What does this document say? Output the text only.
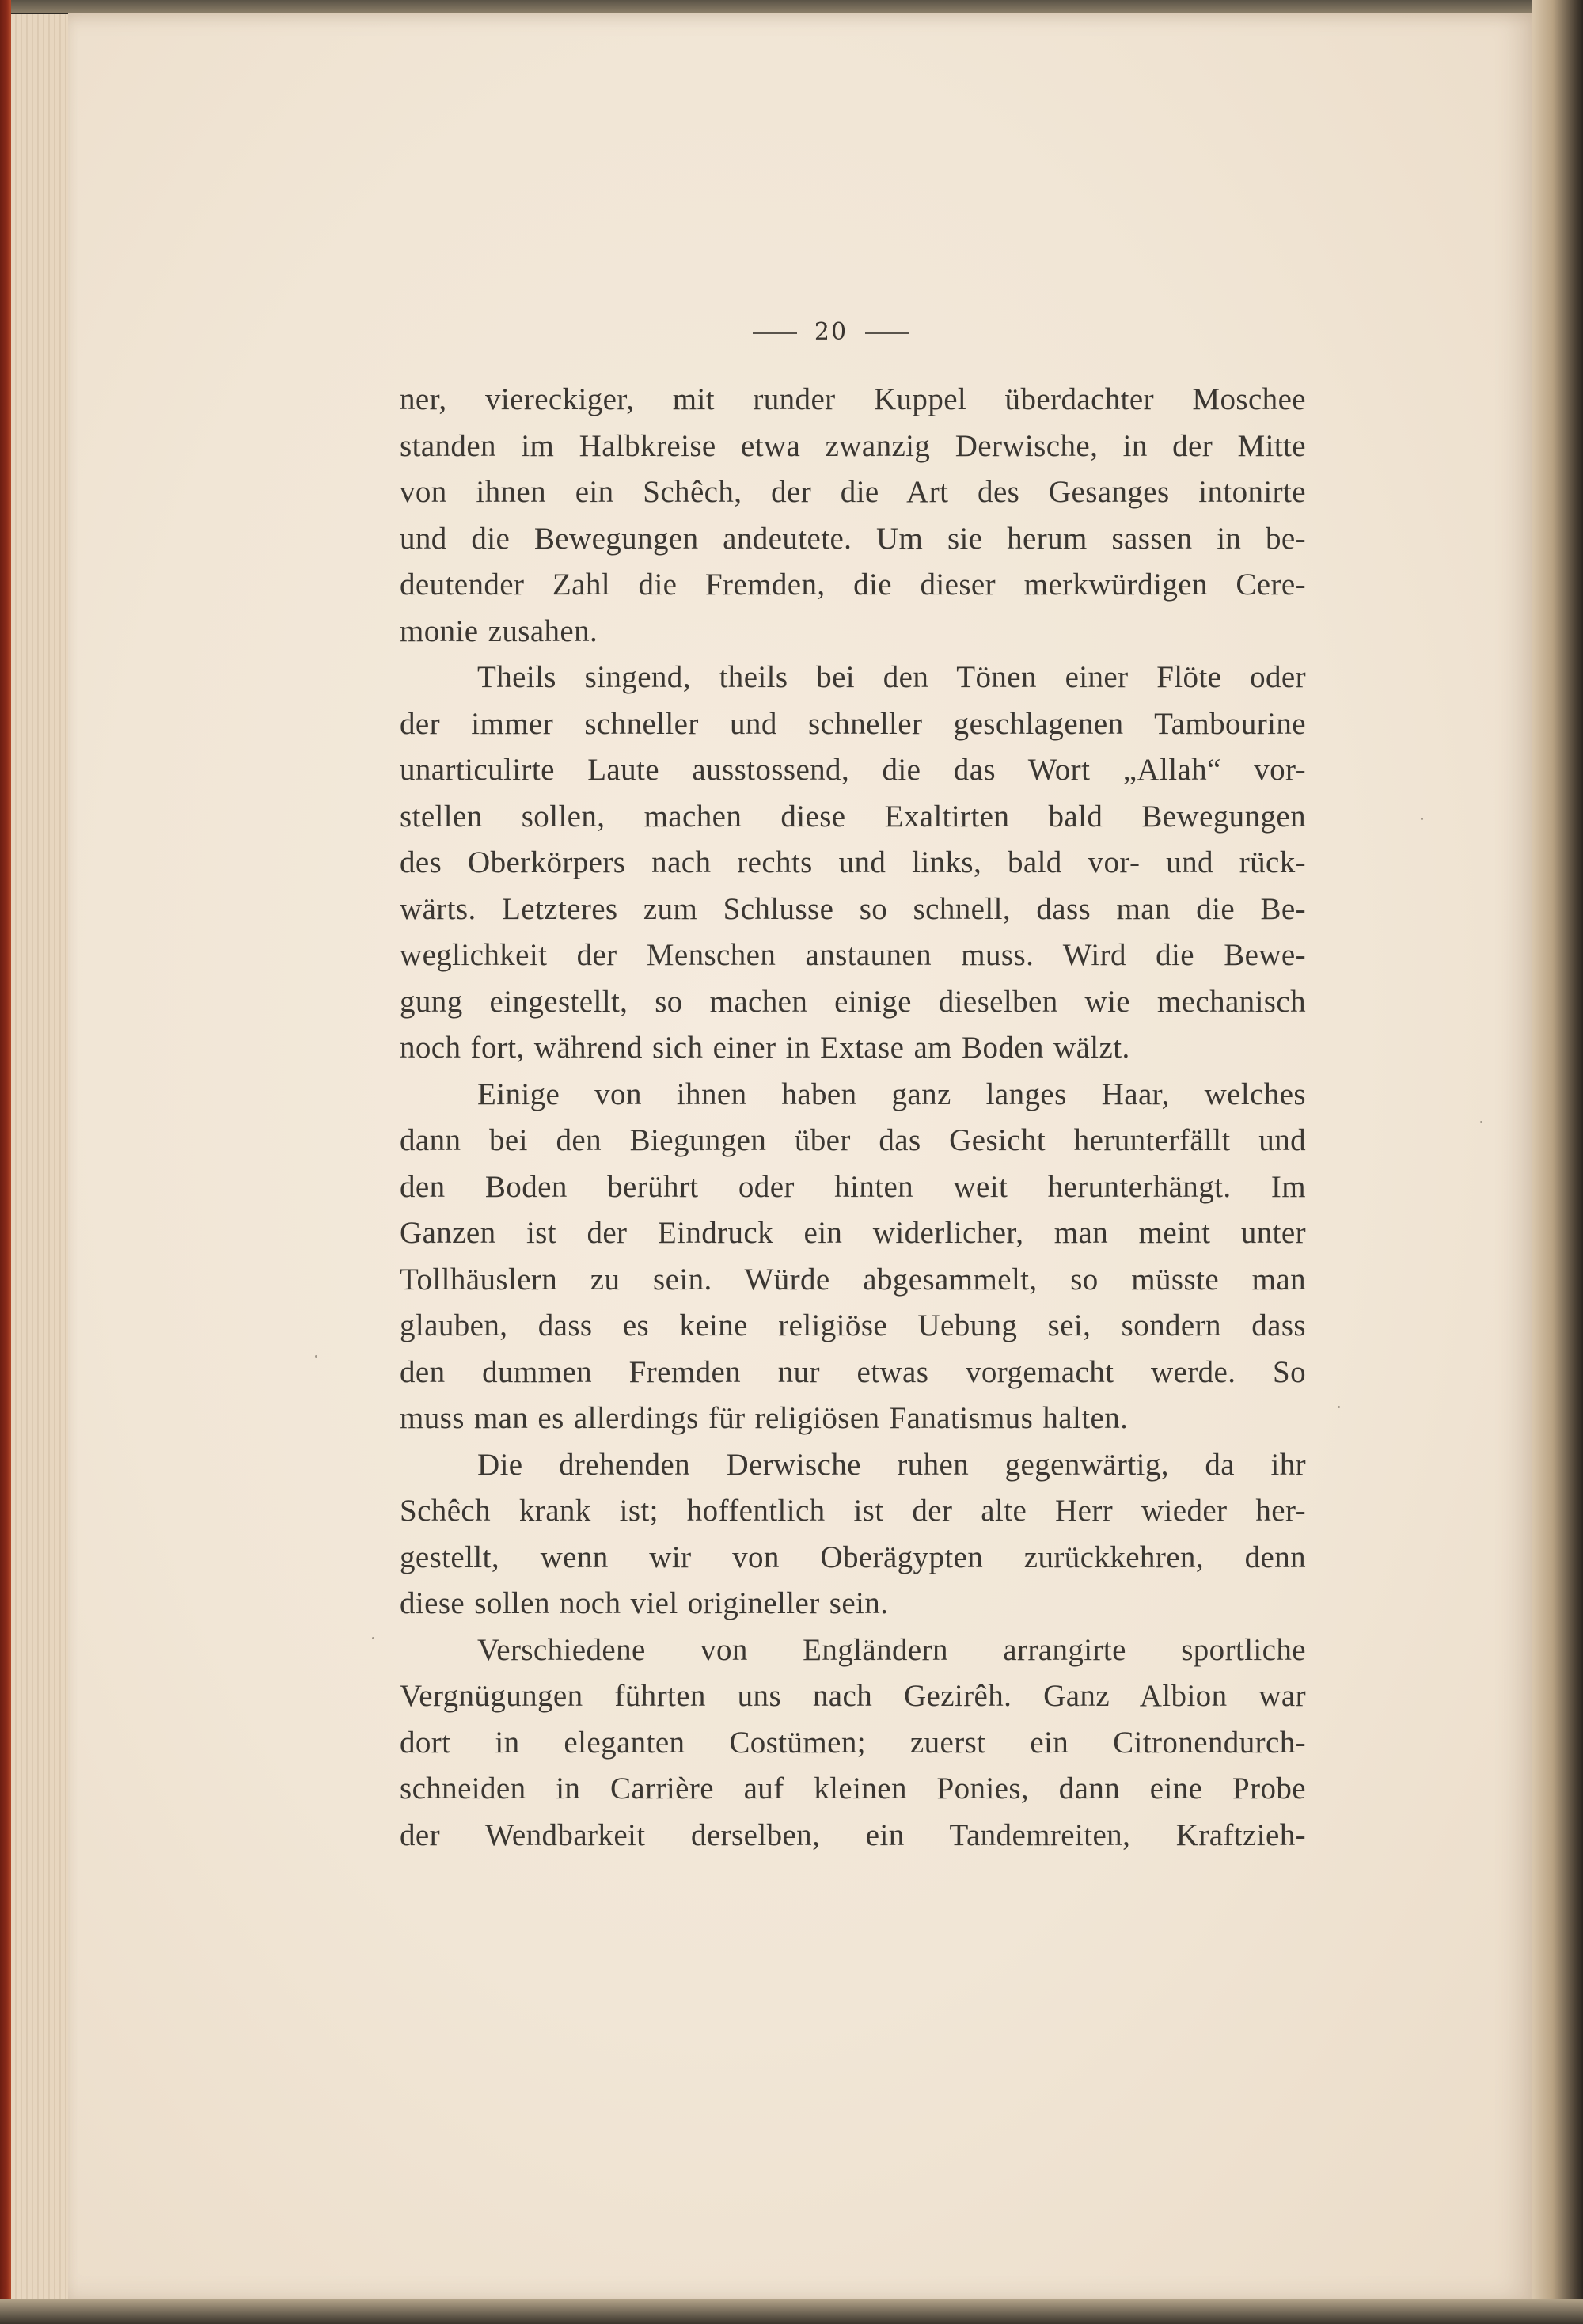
20
ner, viereckiger, mit runder Kuppel überdachter Moschee
standen im Halbkreise etwa zwanzig Derwische, in der Mitte
von ihnen ein Schêch, der die Art des Gesanges intonirte
und die Bewegungen andeutete. Um sie herum sassen in be-
deutender Zahl die Fremden, die dieser merkwürdigen Cere-
monie zusahen.
Theils singend, theils bei den Tönen einer Flöte oder
der immer schneller und schneller geschlagenen Tambourine
unarticulirte Laute ausstossend, die das Wort „Allah“ vor-
stellen sollen, machen diese Exaltirten bald Bewegungen
des Oberkörpers nach rechts und links, bald vor- und rück-
wärts. Letzteres zum Schlusse so schnell, dass man die Be-
weglichkeit der Menschen anstaunen muss. Wird die Bewe-
gung eingestellt, so machen einige dieselben wie mechanisch
noch fort, während sich einer in Extase am Boden wälzt.
Einige von ihnen haben ganz langes Haar, welches
dann bei den Biegungen über das Gesicht herunterfällt und
den Boden berührt oder hinten weit herunterhängt. Im
Ganzen ist der Eindruck ein widerlicher, man meint unter
Tollhäuslern zu sein. Würde abgesammelt, so müsste man
glauben, dass es keine religiöse Uebung sei, sondern dass
den dummen Fremden nur etwas vorgemacht werde. So
muss man es allerdings für religiösen Fanatismus halten.
Die drehenden Derwische ruhen gegenwärtig, da ihr
Schêch krank ist; hoffentlich ist der alte Herr wieder her-
gestellt, wenn wir von Oberägypten zurückkehren, denn
diese sollen noch viel origineller sein.
Verschiedene von Engländern arrangirte sportliche
Vergnügungen führten uns nach Gezirêh. Ganz Albion war
dort in eleganten Costümen; zuerst ein Citronendurch-
schneiden in Carrière auf kleinen Ponies, dann eine Probe
der Wendbarkeit derselben, ein Tandemreiten, Kraftzieh-
